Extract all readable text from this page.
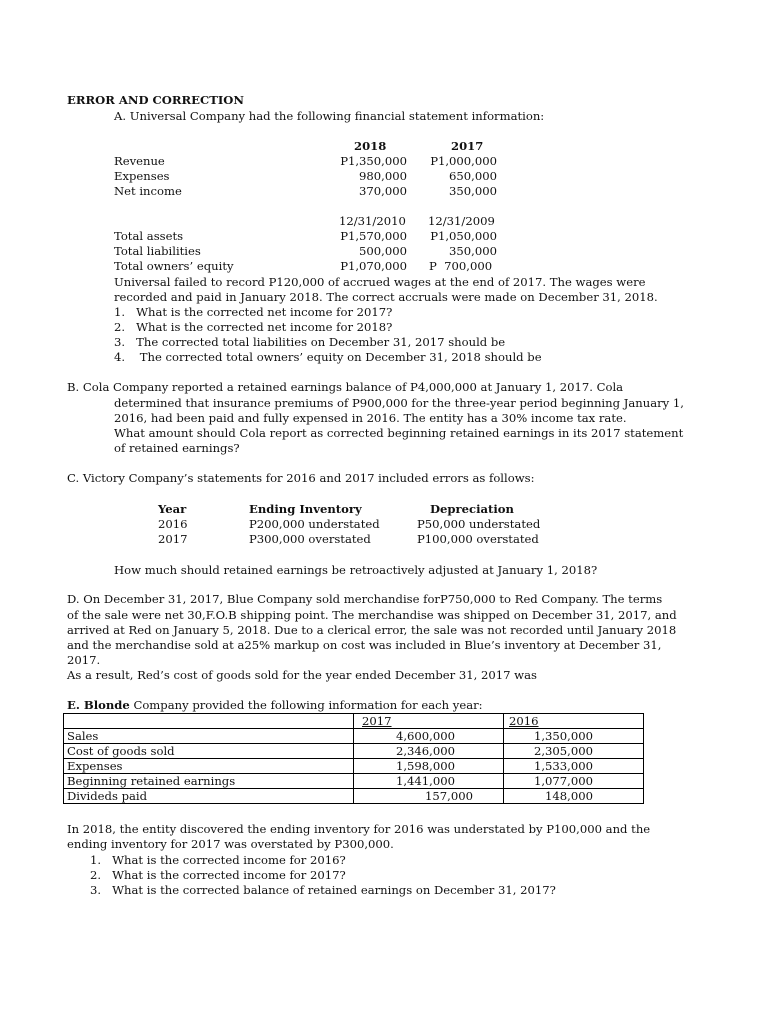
ERROR AND CORRECTION
A. Universal Company had the following financial statement information:
2018	2017
Revenue	P1,350,000	P1,000,000
Expenses	980,000	650,000
Net income	370,000	350,000
12/31/2010 12/31/2009
Total assets	P1,570,000	P1,050,000
Total liabilities	500,000	350,000
Total owners’ equity	P1,070,000 P  700,000
Universal failed to record P120,000 of accrued wages at the end of 2017. The wages were
recorded and paid in January 2018. The correct accruals were made on December 31, 2018.
1.   What is the corrected net income for 2017?
2.   What is the corrected net income for 2018?
3.   The corrected total liabilities on December 31, 2017 should be
4.    The corrected total owners’ equity on December 31, 2018 should be
B. Cola Company reported a retained earnings balance of P4,000,000 at January 1, 2017. Cola
determined that insurance premiums of P900,000 for the three-year period beginning January 1,
2016, had been paid and fully expensed in 2016. The entity has a 30% income tax rate.
What amount should Cola report as corrected beginning retained earnings in its 2017 statement
of retained earnings?
C. Victory Company’s statements for 2016 and 2017 included errors as follows:
Year	Ending Inventory	Depreciation
2016	P200,000 understated	P50,000 understated
2017	P300,000 overstated	P100,000 overstated
How much should retained earnings be retroactively adjusted at January 1, 2018?
D. On December 31, 2017, Blue Company sold merchandise forP750,000 to Red Company. The terms
of the sale were net 30,F.O.B shipping point. The merchandise was shipped on December 31, 2017, and
arrived at Red on January 5, 2018. Due to a clerical error, the sale was not recorded until January 2018
and the merchandise sold at a25% markup on cost was included in Blue’s inventory at December 31,
2017.
As a result, Red’s cost of goods sold for the year ended December 31, 2017 was
E. Blonde Company provided the following information for each year:
	2017	2016
Sales	4,600,000	1,350,000
Cost of goods sold	2,346,000	2,305,000
Expenses	1,598,000	1,533,000
Beginning retained earnings	1,441,000	1,077,000
Divideds paid	157,000	148,000
In 2018, the entity discovered the ending inventory for 2016 was understated by P100,000 and the
ending inventory for 2017 was overstated by P300,000.
1.   What is the corrected income for 2016?
2.   What is the corrected income for 2017?
3.   What is the corrected balance of retained earnings on December 31, 2017?
